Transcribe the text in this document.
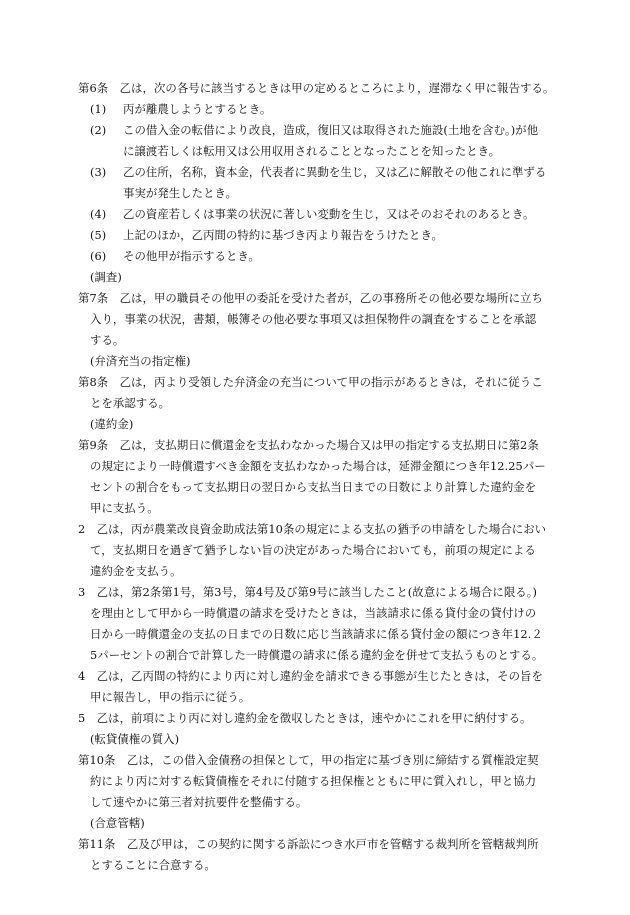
第6条　乙は，次の各号に該当するときは甲の定めるところにより，遅滞なく甲に報告する。

(1) 丙が離農しようとするとき。

(2) この借入金の転借により改良，造成，復旧又は取得された施設(土地を含む。)が他

に譲渡若しくは転用又は公用収用されることとなったことを知ったとき。

(3) 乙の住所，名称，資本金，代表者に異動を生じ，又は乙に解散その他これに準ずる

事実が発生したとき。

(4) 乙の資産若しくは事業の状況に著しい変動を生じ，又はそのおそれのあるとき。

(5) 上記のほか，乙丙間の特約に基づき丙より報告をうけたとき。

(6) その他甲が指示するとき。

(調査)

第7条　乙は，甲の職員その他甲の委託を受けた者が，乙の事務所その他必要な場所に立ち

入り，事業の状況，書類，帳簿その他必要な事項又は担保物件の調査をすることを承認

する。

(弁済充当の指定権)

第8条　乙は，丙より受領した弁済金の充当について甲の指示があるときは，それに従うこ

とを承認する。

(違約金)

第9条　乙は，支払期日に償還金を支払わなかった場合又は甲の指定する支払期日に第2条

の規定により一時償還すべき金額を支払わなかった場合は，延滞金額につき年12.25パー

セントの割合をもって支払期日の翌日から支払当日までの日数により計算した違約金を

甲に支払う。

2　乙は，丙が農業改良資金助成法第10条の規定による支払の猶予の申請をした場合におい

て，支払期日を過ぎて猶予しない旨の決定があった場合においても，前項の規定による

違約金を支払う。

3　乙は，第2条第1号，第3号，第4号及び第9号に該当したこと(故意による場合に限る。)

を理由として甲から一時償還の請求を受けたときは，当該請求に係る貸付金の貸付けの

日から一時償還金の支払の日までの日数に応じ当該請求に係る貸付金の額につき年12.２

5パーセントの割合で計算した一時償還の請求に係る違約金を併せて支払うものとする。

4　乙は，乙丙間の特約により丙に対し違約金を請求できる事態が生じたときは，その旨を

甲に報告し，甲の指示に従う。

5　乙は，前項により丙に対し違約金を徴収したときは，速やかにこれを甲に納付する。

(転貸債権の質入)

第10条　乙は，この借入金債務の担保として，甲の指定に基づき別に締結する質権設定契

約により丙に対する転貸債権をそれに付随する担保権とともに甲に質入れし，甲と協力

して速やかに第三者対抗要件を整備する。

(合意管轄)

第11条　乙及び甲は，この契約に関する訴訟につき水戸市を管轄する裁判所を管轄裁判所

とすることに合意する。
